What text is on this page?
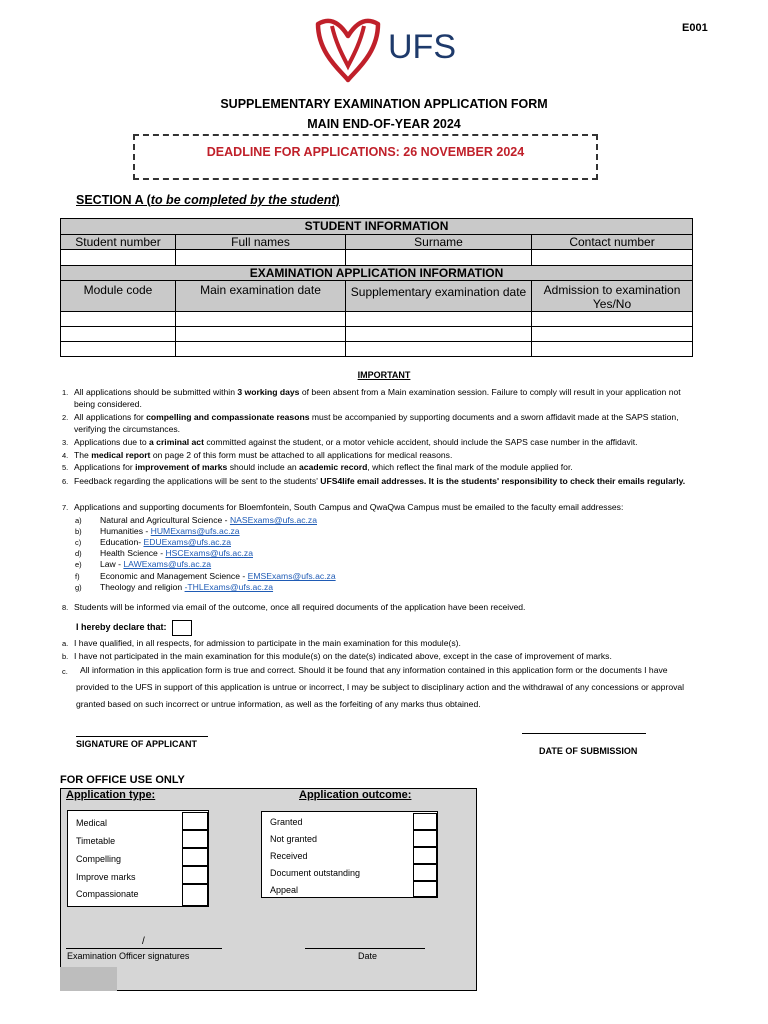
UFS	E001
SUPPLEMENTARY EXAMINATION APPLICATION FORM
MAIN END-OF-YEAR 2024
DEADLINE FOR APPLICATIONS: 26 NOVEMBER 2024
SECTION A (to be completed by the student)
STUDENT INFORMATION			
Student number	Full names	Surname	Contact number

EXAMINATION APPLICATION INFORMATION			
Module code	Main examination date	Supplementary examination date	Admission to examination Yes/No

IMPORTANT
1. All applications should be submitted within 3 working days of been absent from a Main examination session. Failure to comply will result in your application not being considered.
2. All applications for compelling and compassionate reasons must be accompanied by supporting documents and a sworn affidavit made at the SAPS station, verifying the circumstances.
3. Applications due to a criminal act committed against the student, or a motor vehicle accident, should include the SAPS case number in the affidavit.
4. The medical report on page 2 of this form must be attached to all applications for medical reasons.
5. Applications for improvement of marks should include an academic record, which reflect the final mark of the module applied for.
6. Feedback regarding the applications will be sent to the students' UFS4life email addresses. It is the students' responsibility to check their emails regularly.
7. Applications and supporting documents for Bloemfontein, South Campus and QwaQwa Campus must be emailed to the faculty email addresses:
a) Natural and Agricultural Science - NASExams@ufs.ac.za
b) Humanities - HUMExams@ufs.ac.za
c) Education- EDUExams@ufs.ac.za
d) Health Science - HSCExams@ufs.ac.za
e) Law - LAWExams@ufs.ac.za
f) Economic and Management Science - EMSExams@ufs.ac.za
g) Theology and religion -THLExams@ufs.ac.za
8. Students will be informed via email of the outcome, once all required documents of the application have been received.
I hereby declare that:
a. I have qualified, in all respects, for admission to participate in the main examination for this module(s).
b. I have not participated in the main examination for this module(s) on the date(s) indicated above, except in the case of improvement of marks.
c.	All information in this application form is true and correct. Should it be found that any information contained in this application form or the documents I have provided to the UFS in support of this application is untrue or incorrect, I may be subject to disciplinary action and the withdrawal of any concessions or approval granted based on such incorrect or untrue information, as well as the forfeiting of any marks thus obtained.
SIGNATURE OF APPLICANT
DATE OF SUBMISSION
FOR OFFICE USE ONLY
Application type:	Application outcome:
Medical
Timetable
Compelling
Improve marks
Compassionate
Granted
Not granted
Received
Document outstanding
Appeal
/
Examination Officer signatures	Date
